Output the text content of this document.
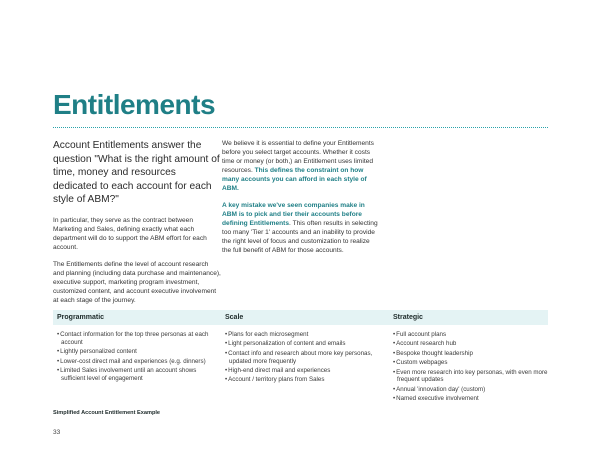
Entitlements

Account Entitlements answer the question "What is the right amount of time, money and resources dedicated to each account for each style of ABM?"

In particular, they serve as the contract between Marketing and Sales, defining exactly what each department will do to support the ABM effort for each account.

The Entitlements define the level of account research and planning (including data purchase and maintenance), executive support, marketing program investment, customized content, and account executive involvement at each stage of the journey.

We believe it is essential to define your Entitlements before you select target accounts. Whether it costs time or money (or both,) an Entitlement uses limited resources. This defines the constraint on how many accounts you can afford in each style of ABM.

A key mistake we've seen companies make in ABM is to pick and tier their accounts before defining Entitlements. This often results in selecting too many 'Tier 1' accounts and an inability to provide the right level of focus and customization to realize the full benefit of ABM for those accounts.

Programmatic	Scale	Strategic
• Contact information for the top three personas at each account
• Lightly personalized content
• Lower-cost direct mail and experiences (e.g. dinners)
• Limited Sales involvement until an account shows sufficient level of engagement
• Plans for each microsegment
• Light personalization of content and emails
• Contact info and research about more key personas, updated more frequently
• High-end direct mail and experiences
• Account / territory plans from Sales
• Full account plans
• Account research hub
• Bespoke thought leadership
• Custom webpages
• Even more research into key personas, with even more frequent updates
• Annual 'innovation day' (custom)
• Named executive involvement
Simplified Account Entitlement Example
33
